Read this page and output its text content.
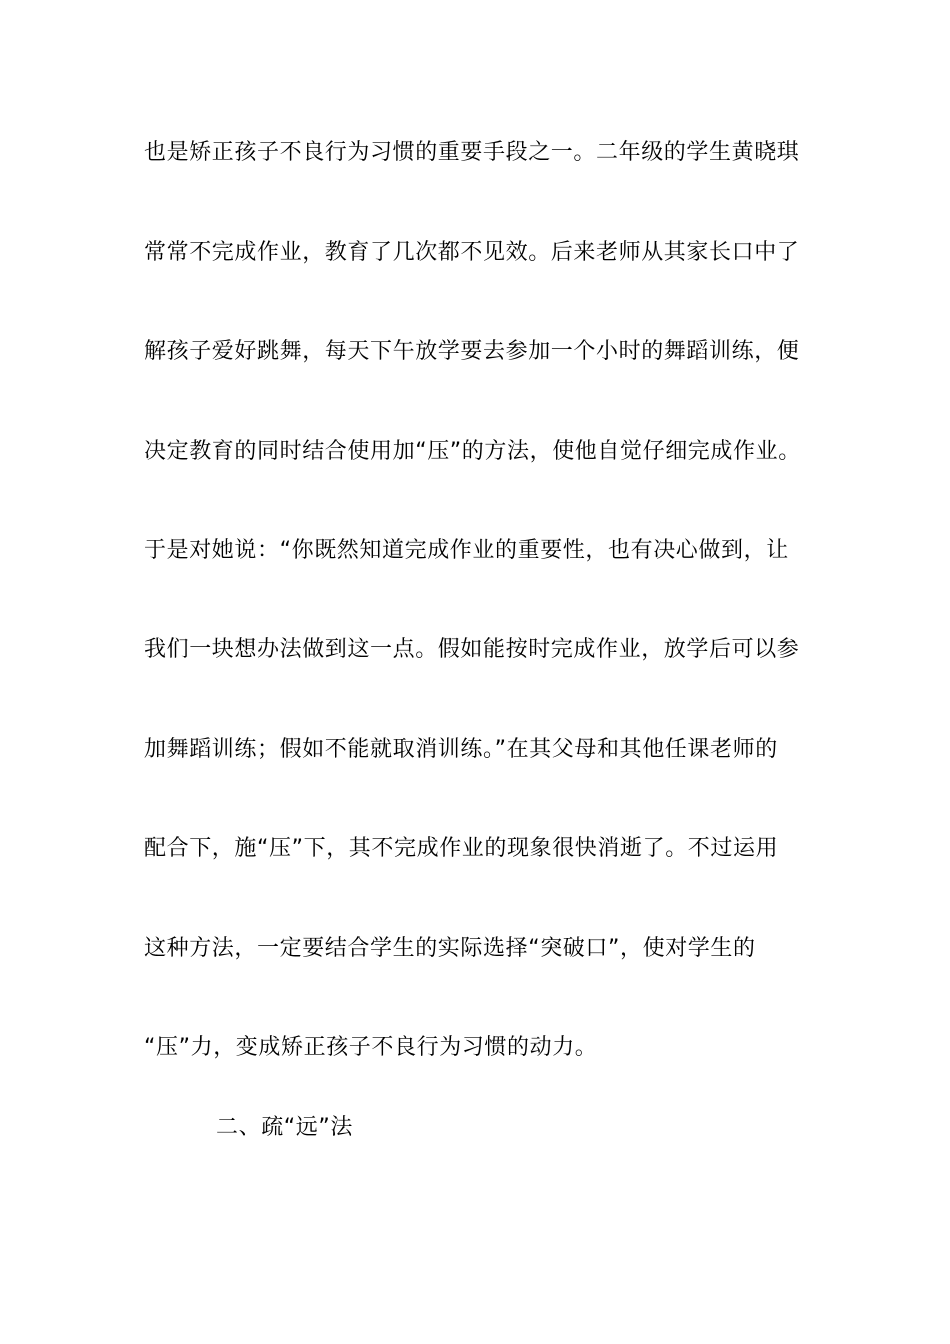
也是矫正孩子不良行为习惯的重要手段之一。二年级的学生黄晓琪
常常不完成作业，教育了几次都不见效。后来老师从其家长口中了
解孩子爱好跳舞，每天下午放学要去参加一个小时的舞蹈训练，便
决定教育的同时结合使用加“压”的方法，使他自觉仔细完成作业。
于是对她说：“你既然知道完成作业的重要性，也有决心做到，让
我们一块想办法做到这一点。假如能按时完成作业，放学后可以参
加舞蹈训练；假如不能就取消训练。”在其父母和其他任课老师的
配合下，施“压”下，其不完成作业的现象很快消逝了。不过运用
这种方法，一定要结合学生的实际选择“突破口”，使对学生的
“压”力，变成矫正孩子不良行为习惯的动力。
二、疏“远”法
